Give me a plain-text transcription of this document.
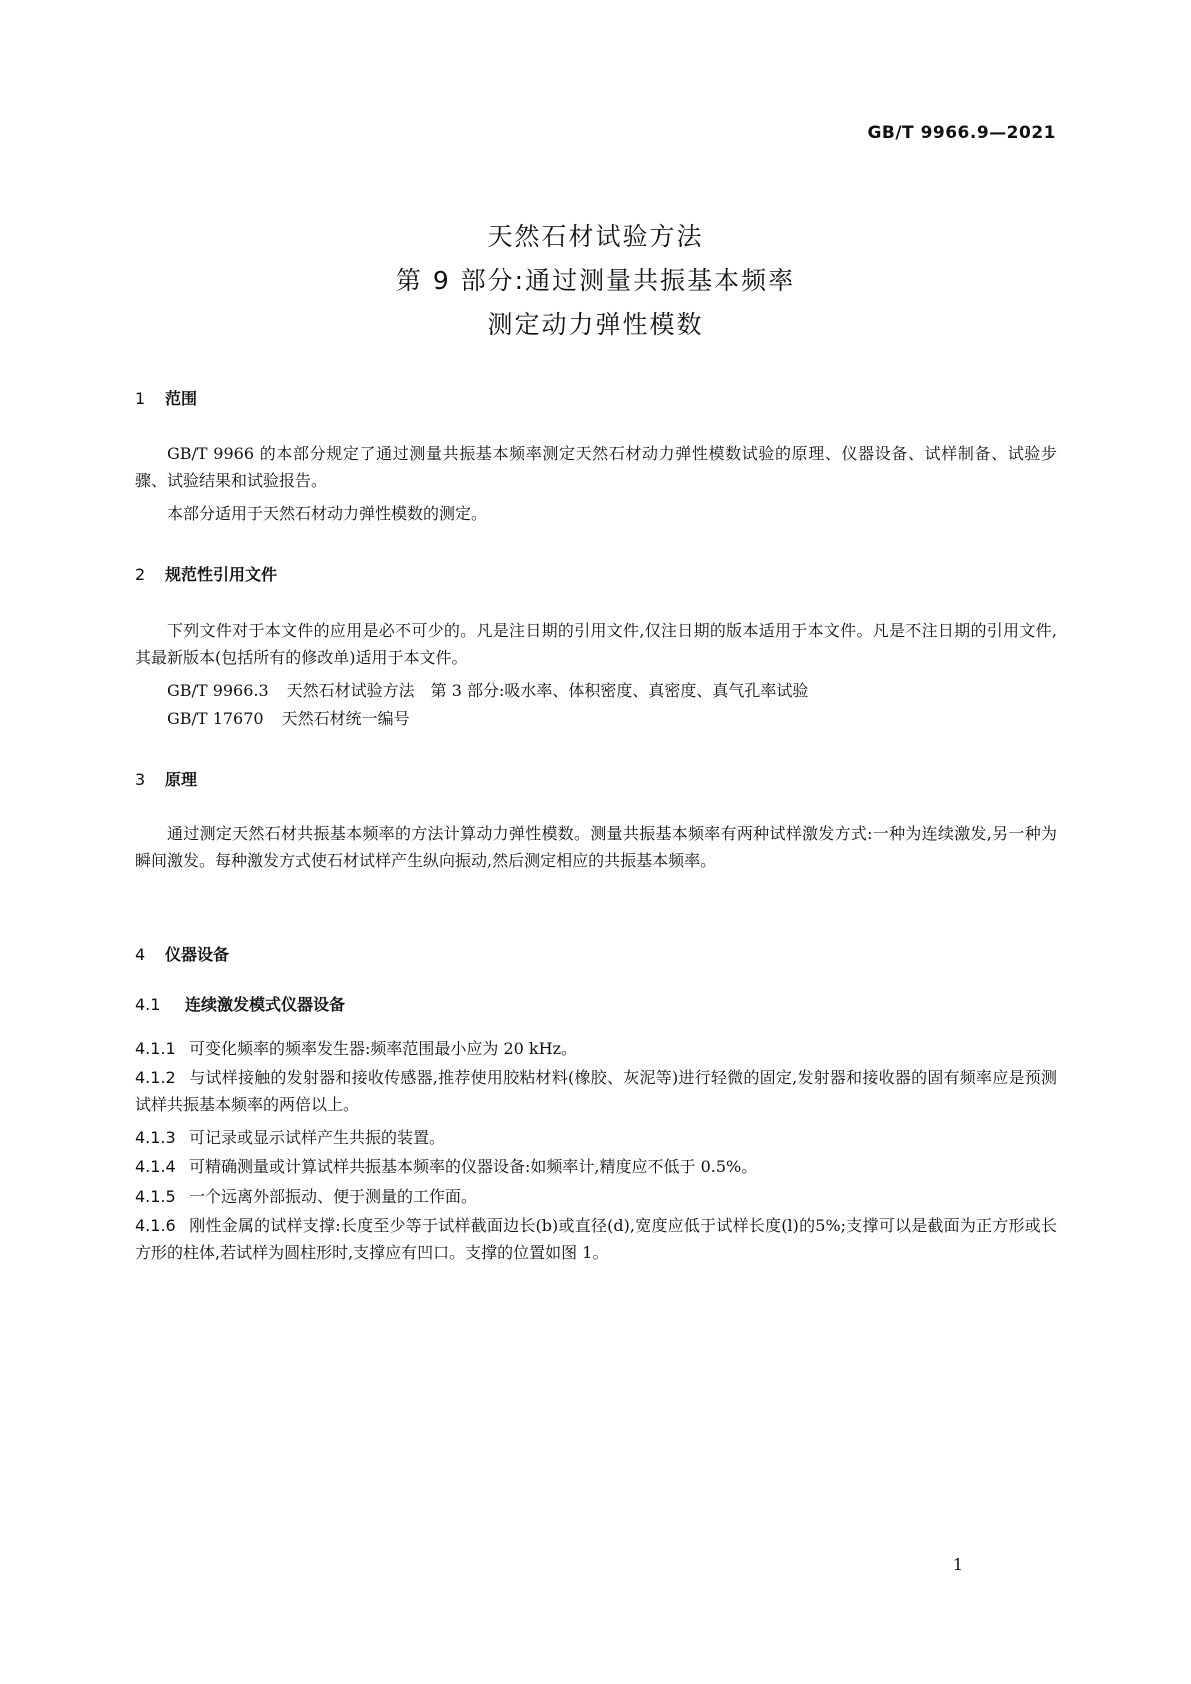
GB/T 9966.9—2021
天然石材试验方法
第 9 部分:通过测量共振基本频率
测定动力弹性模数
1 范围
GB/T 9966 的本部分规定了通过测量共振基本频率测定天然石材动力弹性模数试验的原理、仪器设备、试样制备、试验步骤、试验结果和试验报告。
本部分适用于天然石材动力弹性模数的测定。
2 规范性引用文件
下列文件对于本文件的应用是必不可少的。凡是注日期的引用文件,仅注日期的版本适用于本文件。凡是不注日期的引用文件,其最新版本(包括所有的修改单)适用于本文件。
GB/T 9966.3 天然石材试验方法　第 3 部分:吸水率、体积密度、真密度、真气孔率试验
GB/T 17670 天然石材统一编号
3 原理
通过测定天然石材共振基本频率的方法计算动力弹性模数。测量共振基本频率有两种试样激发方式:一种为连续激发,另一种为瞬间激发。每种激发方式使石材试样产生纵向振动,然后测定相应的共振基本频率。
4 仪器设备
4.1 连续激发模式仪器设备
4.1.1 可变化频率的频率发生器:频率范围最小应为 20 kHz。
4.1.2 与试样接触的发射器和接收传感器,推荐使用胶粘材料(橡胶、灰泥等)进行轻微的固定,发射器和接收器的固有频率应是预测试样共振基本频率的两倍以上。
4.1.3 可记录或显示试样产生共振的装置。
4.1.4 可精确测量或计算试样共振基本频率的仪器设备:如频率计,精度应不低于 0.5%。
4.1.5 一个远离外部振动、便于测量的工作面。
4.1.6 刚性金属的试样支撑:长度至少等于试样截面边长(b)或直径(d),宽度应低于试样长度(l)的5%;支撑可以是截面为正方形或长方形的柱体,若试样为圆柱形时,支撑应有凹口。支撑的位置如图 1。
1
